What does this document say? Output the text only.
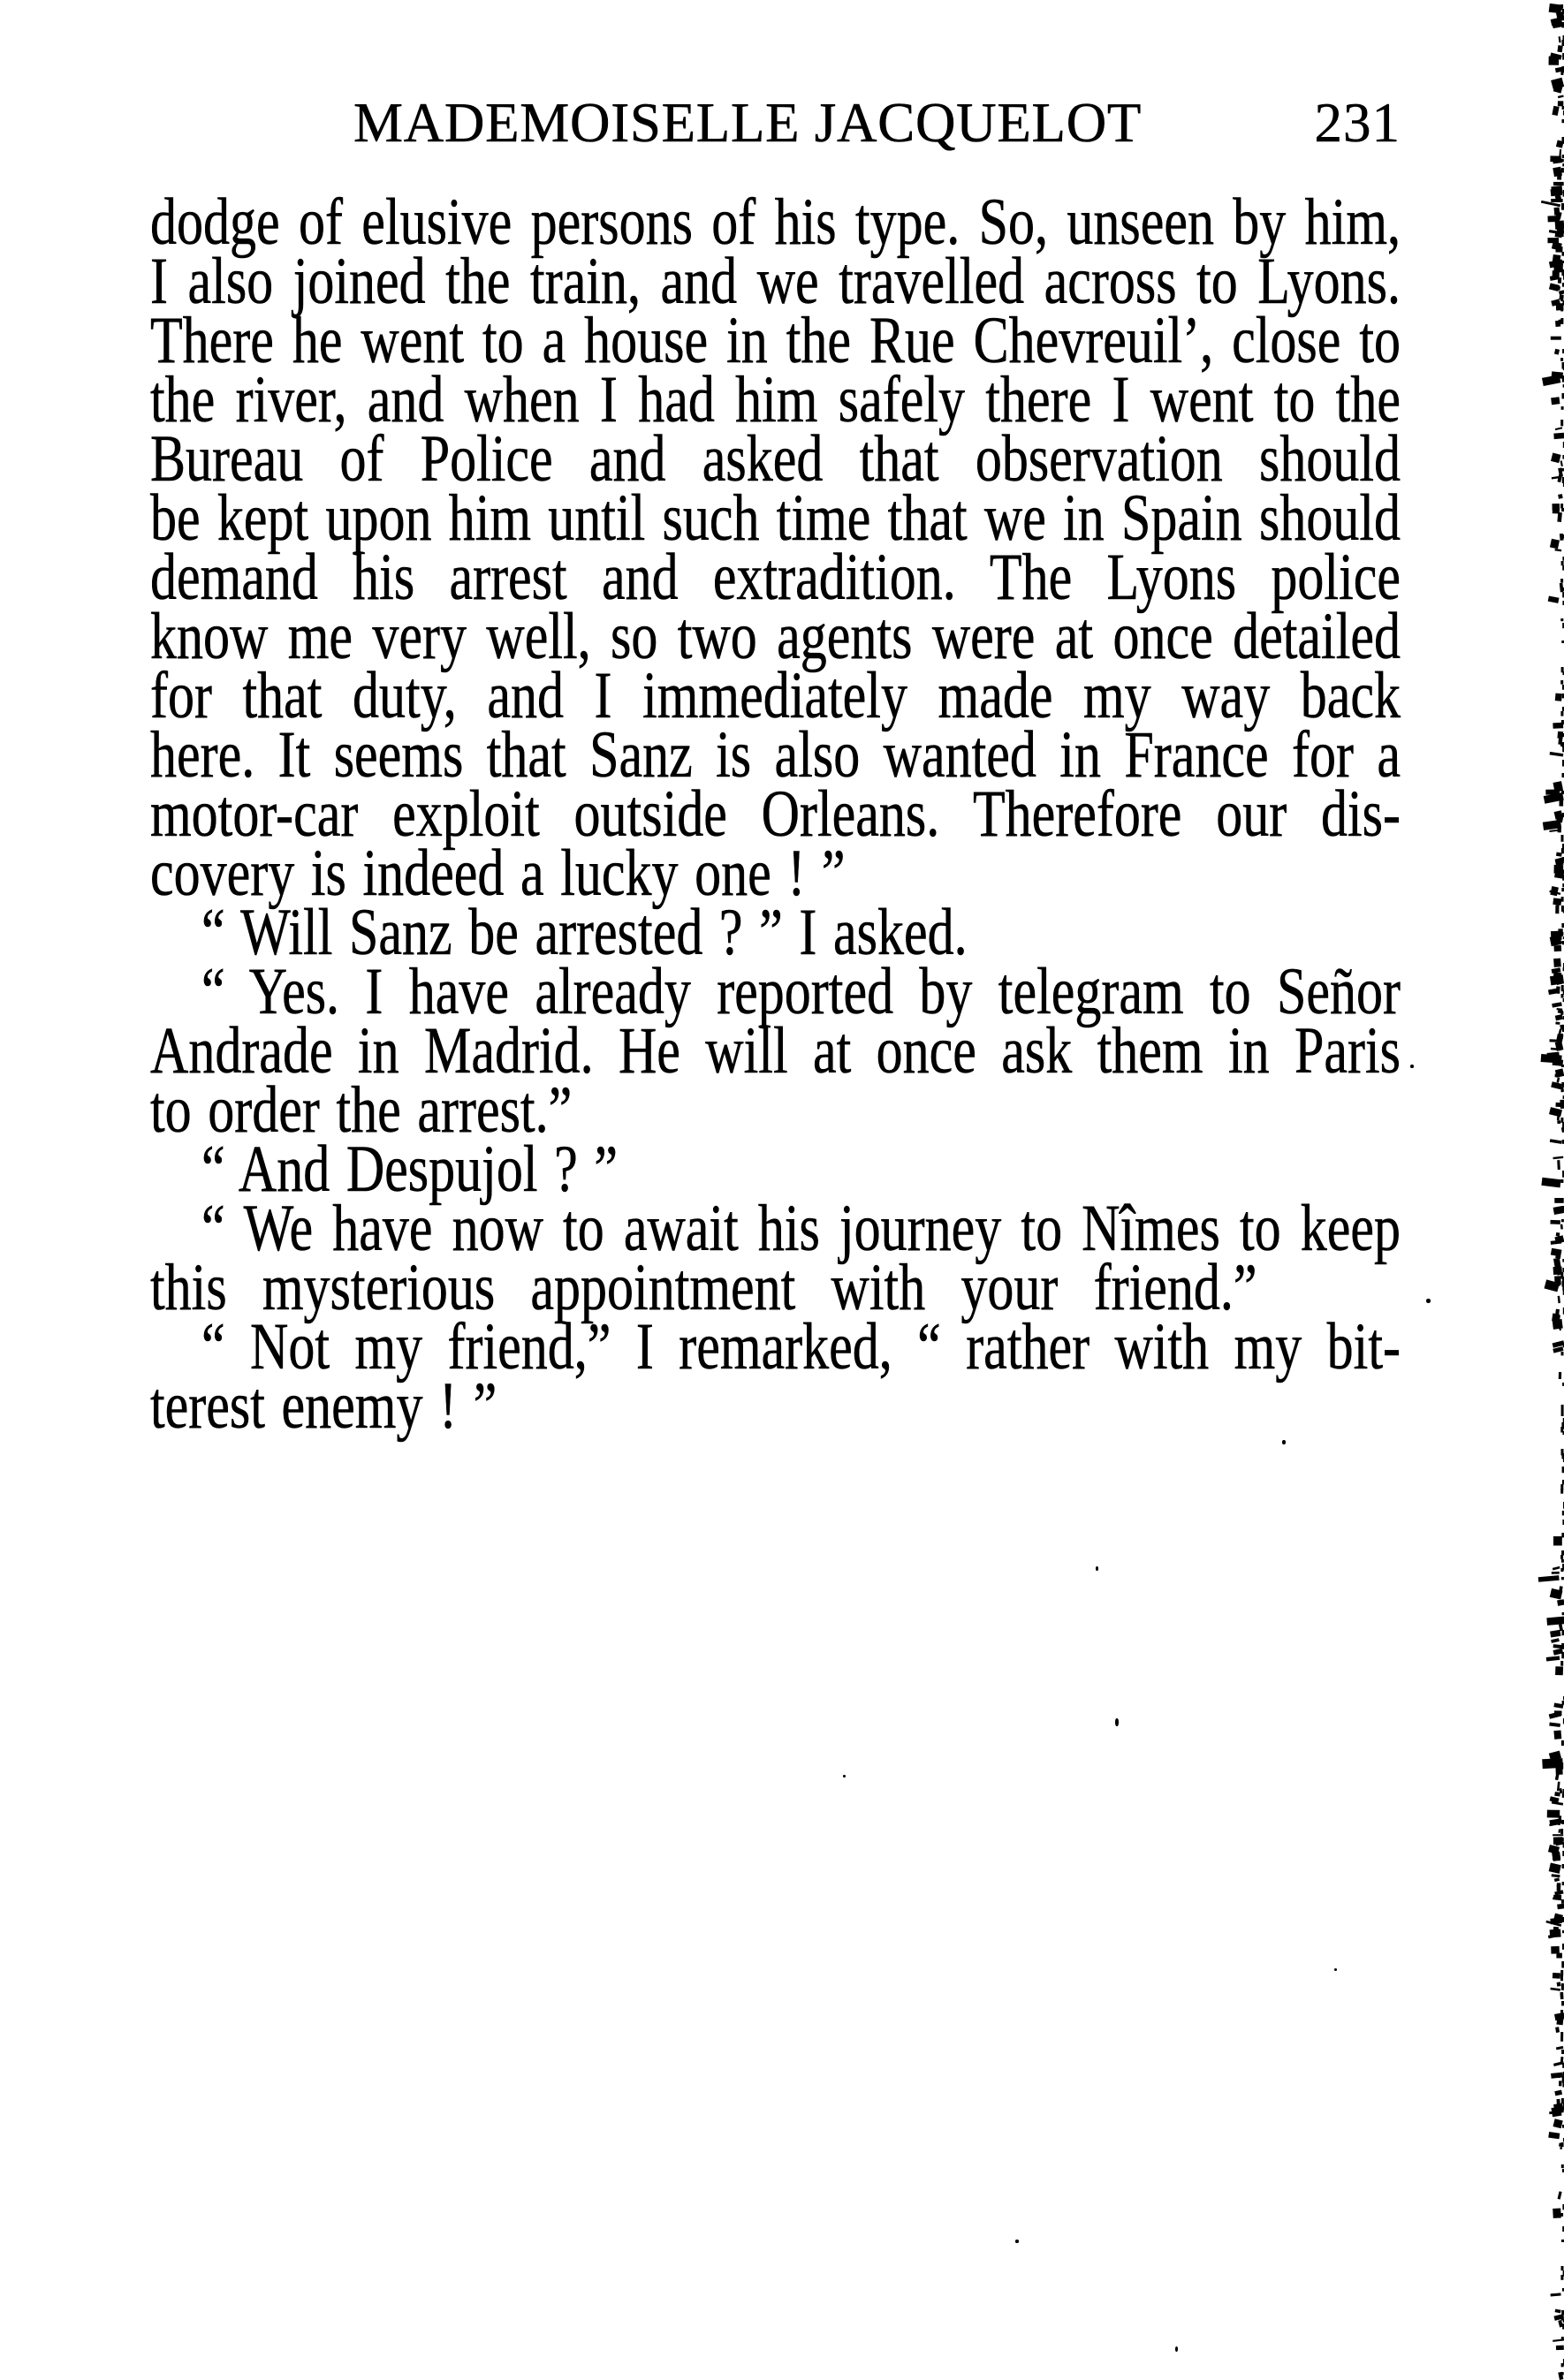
MADEMOISELLE JACQUELOT	231
dodge of elusive persons of his type. So, unseen by him,
I also joined the train, and we travelled across to Lyons.
There he went to a house in the Rue Chevreuil’, close to
the river, and when I had him safely there I went to the
Bureau of Police and asked that observation should
be kept upon him until such time that we in Spain should
demand his arrest and extradition. The Lyons police
know me very well, so two agents were at once detailed
for that duty, and I immediately made my way back
here. It seems that Sanz is also wanted in France for a
motor-car exploit outside Orleans. Therefore our dis-
covery is indeed a lucky one ! ”
“ Will Sanz be arrested ? ” I asked.
“ Yes. I have already reported by telegram to Señor
Andrade in Madrid. He will at once ask them in Paris
to order the arrest.”
“ And Despujol ? ”
“ We have now to await his journey to Nîmes to keep
this mysterious appointment with your friend.”
“ Not my friend,” I remarked, “ rather with my bit-
terest enemy ! ”
